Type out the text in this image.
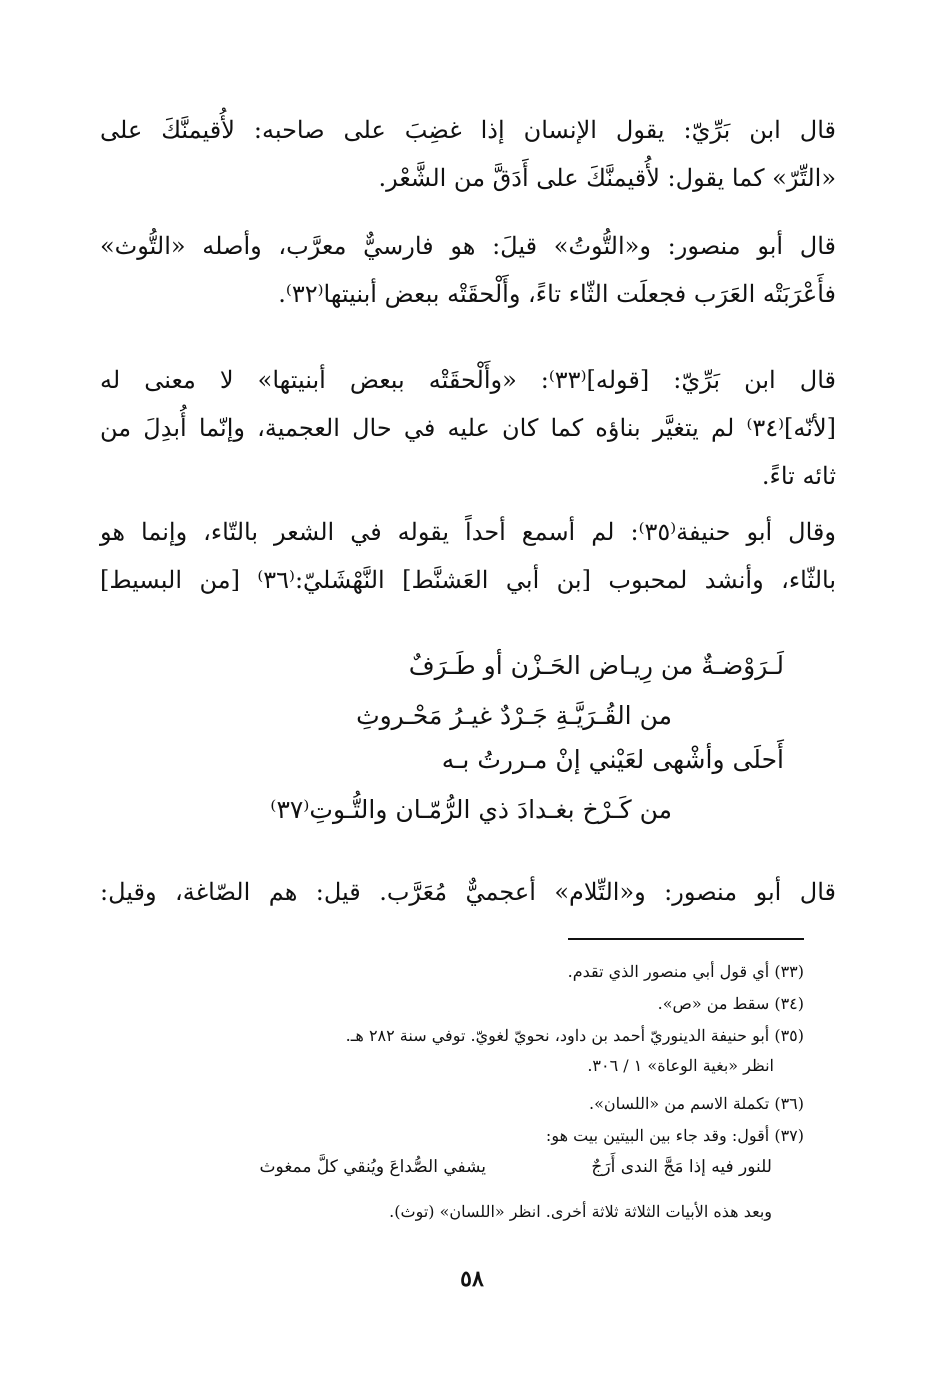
قال ابن بَرِّيّ: يقول الإنسان إذا غضِبَ على صاحبه: لأُقيمنَّكَ على
«التِّرّ» كما يقول: لأُقيمنَّكَ على أَدَقَّ من الشَّعْر.
قال أبو منصور: و«التُّوتُ» قيلَ: هو فارسيٌّ معرَّب، وأصله «التُّوث»
فأَعْرَبَتْه العَرَب فجعلَت الثّاء تاءً، وأَلْحقَتْه ببعض أبنيتها⁽٣٢⁾.
قال ابن بَرِّيّ: [قوله]⁽٣٣⁾: «وأَلْحقَتْه ببعض أبنيتها» لا معنى له
[لأنّه]⁽٣٤⁾ لم يتغيَّر بناؤه كما كان عليه في حال العجمية، وإنّما أُبدِلَ من
ثائه تاءً.
وقال أبو حنيفة⁽٣٥⁾: لم أسمع أحداً يقوله في الشعر بالتّاء، وإنما هو
بالثّاء، وأنشد لمحبوب [بن أبي العَشنَّط] النَّهْشَليّ:⁽٣٦⁾ [من البسيط]
لَـرَوْضـةٌ من رِيـاض الحَـزْن أو طَـرَفٌ
من القُـرَيَّـةِ جَـرْدٌ غيـرُ مَحْـروثِ
أَحلَى وأشْهى لعَيْني إنْ مـررتُ بـه
من كَـرْخ بغـدادَ ذي الرُّمّـان والتُّـوتِ⁽٣٧⁾
قال أبو منصور: و«التِّلام» أعجميٌّ مُعَرَّب. قيل: هم الصّاغة، وقيل:
(٣٣) أي قول أبي منصور الذي تقدم.
(٣٤) سقط من «ص».
(٣٥) أبو حنيفة الدينوريّ أحمد بن داود، نحويّ لغويّ. توفي سنة ٢٨٢ هـ.
انظر «بغية الوعاة» ١ / ٣٠٦.
(٣٦) تكملة الاسم من «اللسان».
(٣٧) أقول: وقد جاء بين البيتين بيت هو:
للنور فيه إذا مَجَّ الندى أَرَجٌ
يشفي الصُّداعَ ويُنقي كلَّ ممغوث
وبعد هذه الأبيات الثلاثة ثلاثة أخرى. انظر «اللسان» (توث).
٥٨
